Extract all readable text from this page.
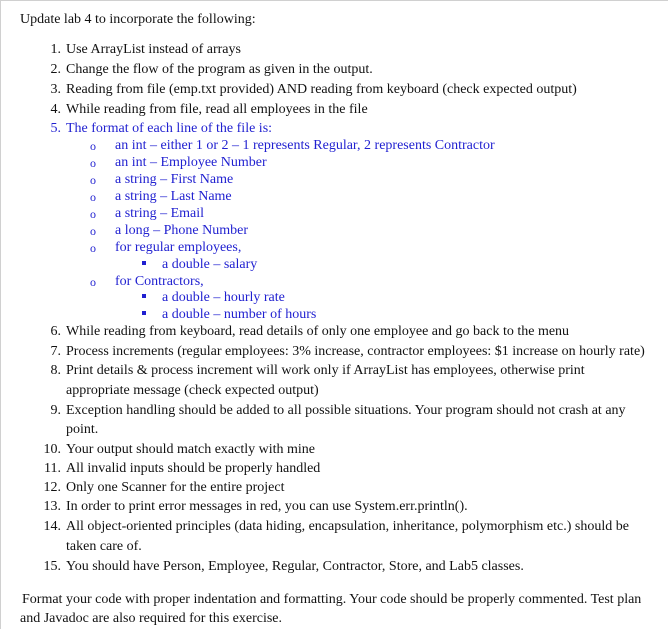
Update lab 4 to incorporate the following:
1. Use ArrayList instead of arrays
2. Change the flow of the program as given in the output.
3. Reading from file (emp.txt provided) AND reading from keyboard (check expected output)
4. While reading from file, read all employees in the file
5. The format of each line of the file is:
o an int – either 1 or 2 – 1 represents Regular, 2 represents Contractor
o an int – Employee Number
o a string – First Name
o a string – Last Name
o a string – Email
o a long – Phone Number
o for regular employees,
a double – salary
o for Contractors,
a double – hourly rate
a double – number of hours
6. While reading from keyboard, read details of only one employee and go back to the menu
7. Process increments (regular employees: 3% increase, contractor employees: $1 increase on hourly rate)
8. Print details & process increment will work only if ArrayList has employees, otherwise print
appropriate message (check expected output)
9. Exception handling should be added to all possible situations. Your program should not crash at any
point.
10. Your output should match exactly with mine
11. All invalid inputs should be properly handled
12. Only one Scanner for the entire project
13. In order to print error messages in red, you can use System.err.println().
14. All object-oriented principles (data hiding, encapsulation, inheritance, polymorphism etc.) should be
taken care of.
15. You should have Person, Employee, Regular, Contractor, Store, and Lab5 classes.
Format your code with proper indentation and formatting. Your code should be properly commented. Test plan
and Javadoc are also required for this exercise.
